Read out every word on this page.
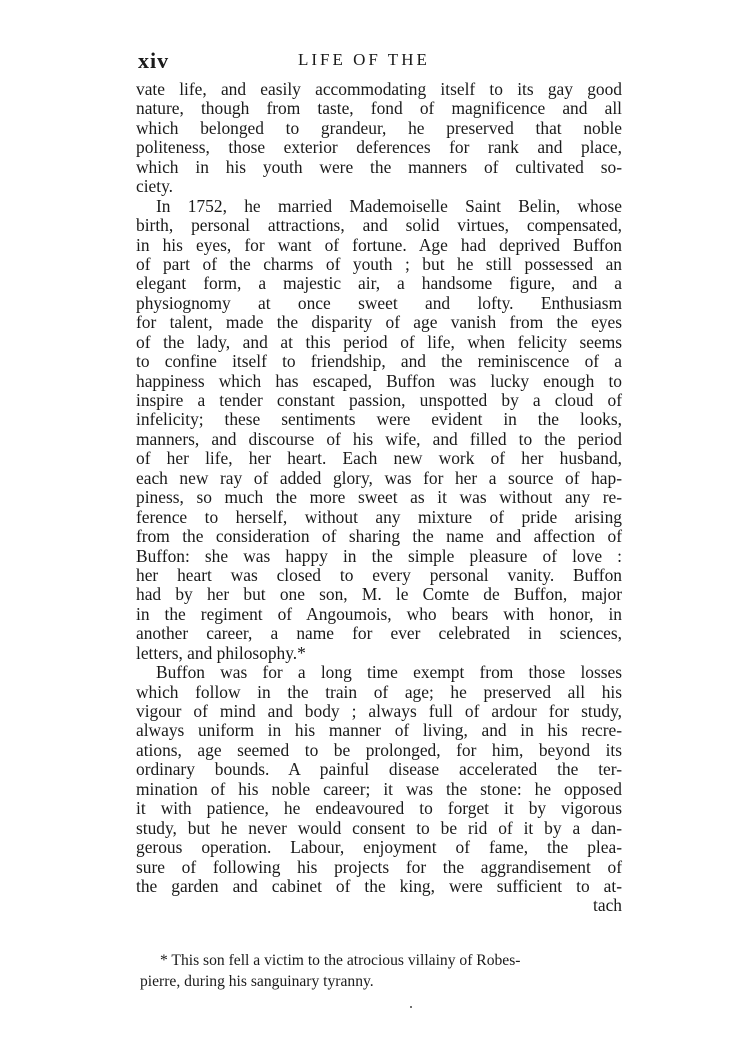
xiv	LIFE OF THE
vate life, and easily accommodating itself to its gay good
nature, though from taste, fond of magnificence and all
which belonged to grandeur, he preserved that noble
politeness, those exterior deferences for rank and place,
which in his youth were the manners of cultivated so-
ciety.
In 1752, he married Mademoiselle Saint Belin, whose
birth, personal attractions, and solid virtues, compensated,
in his eyes, for want of fortune. Age had deprived Buffon
of part of the charms of youth ; but he still possessed an
elegant form, a majestic air, a handsome figure, and a
physiognomy at once sweet and lofty. Enthusiasm
for talent, made the disparity of age vanish from the eyes
of the lady, and at this period of life, when felicity seems
to confine itself to friendship, and the reminiscence of a
happiness which has escaped, Buffon was lucky enough to
inspire a tender constant passion, unspotted by a cloud of
infelicity; these sentiments were evident in the looks,
manners, and discourse of his wife, and filled to the period
of her life, her heart. Each new work of her husband,
each new ray of added glory, was for her a source of hap-
piness, so much the more sweet as it was without any re-
ference to herself, without any mixture of pride arising
from the consideration of sharing the name and affection of
Buffon: she was happy in the simple pleasure of love :
her heart was closed to every personal vanity. Buffon
had by her but one son, M. le Comte de Buffon, major
in the regiment of Angoumois, who bears with honor, in
another career, a name for ever celebrated in sciences,
letters, and philosophy.*
Buffon was for a long time exempt from those losses
which follow in the train of age; he preserved all his
vigour of mind and body ; always full of ardour for study,
always uniform in his manner of living, and in his recre-
ations, age seemed to be prolonged, for him, beyond its
ordinary bounds. A painful disease accelerated the ter-
mination of his noble career; it was the stone: he opposed
it with patience, he endeavoured to forget it by vigorous
study, but he never would consent to be rid of it by a dan-
gerous operation. Labour, enjoyment of fame, the plea-
sure of following his projects for the aggrandisement of
the garden and cabinet of the king, were sufficient to at-
tach
* This son fell a victim to the atrocious villainy of Robes-
pierre, during his sanguinary tyranny.
